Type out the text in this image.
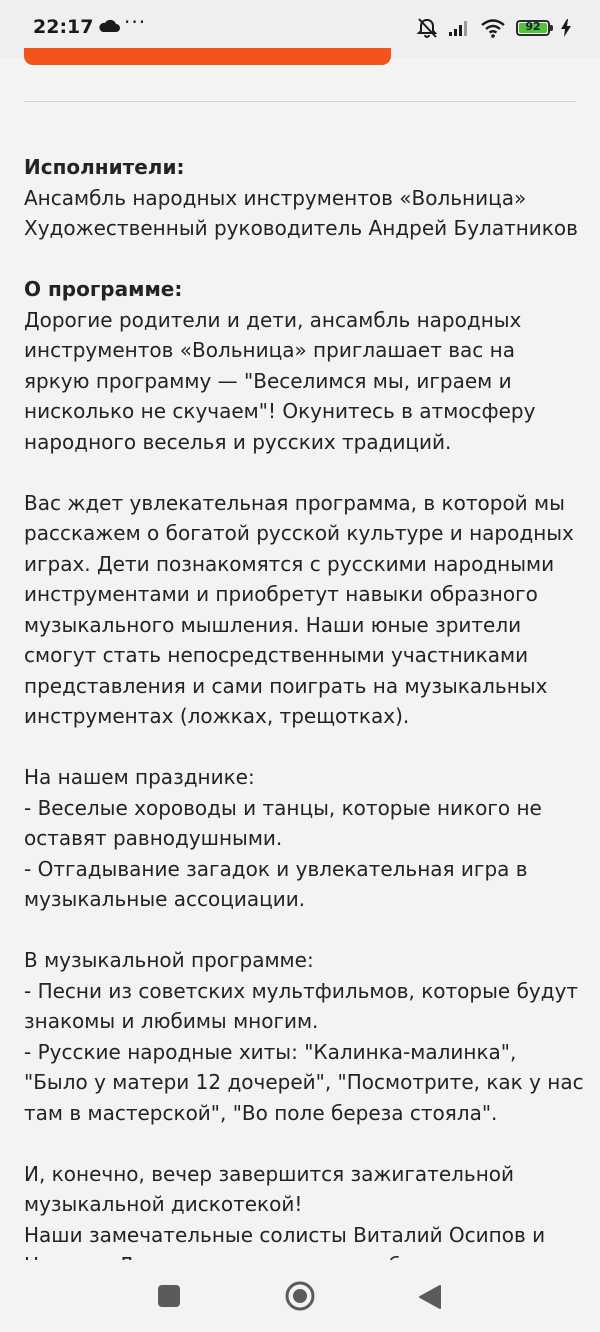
22:17 ···	92

Исполнители:

Ансамбль народных инструментов «Вольница»

Художественный руководитель Андрей Булатников

О программе:

Дорогие родители и дети, ансамбль народных инструментов «Вольница» приглашает вас на яркую программу — "Веселимся мы, играем и нисколько не скучаем"! Окунитесь в атмосферу народного веселья и русских традиций.

Вас ждет увлекательная программа, в которой мы расскажем о богатой русской культуре и народных играх. Дети познакомятся с русскими народными инструментами и приобретут навыки образного музыкального мышления. Наши юные зрители смогут стать непосредственными участниками представления и сами поиграть на музыкальных инструментах (ложках, трещотках).

На нашем празднике:

- Веселые хороводы и танцы, которые никого не оставят равнодушными.

- Отгадывание загадок и увлекательная игра в музыкальные ассоциации.

В музыкальной программе:

- Песни из советских мультфильмов, которые будут знакомы и любимы многим.

- Русские народные хиты: "Калинка-малинка", "Было у матери 12 дочерей", "Посмотрите, как у нас там в мастерской", "Во поле береза стояла".

И, конечно, вечер завершится зажигательной музыкальной дискотекой!

Наши замечательные солисты Виталий Осипов и
